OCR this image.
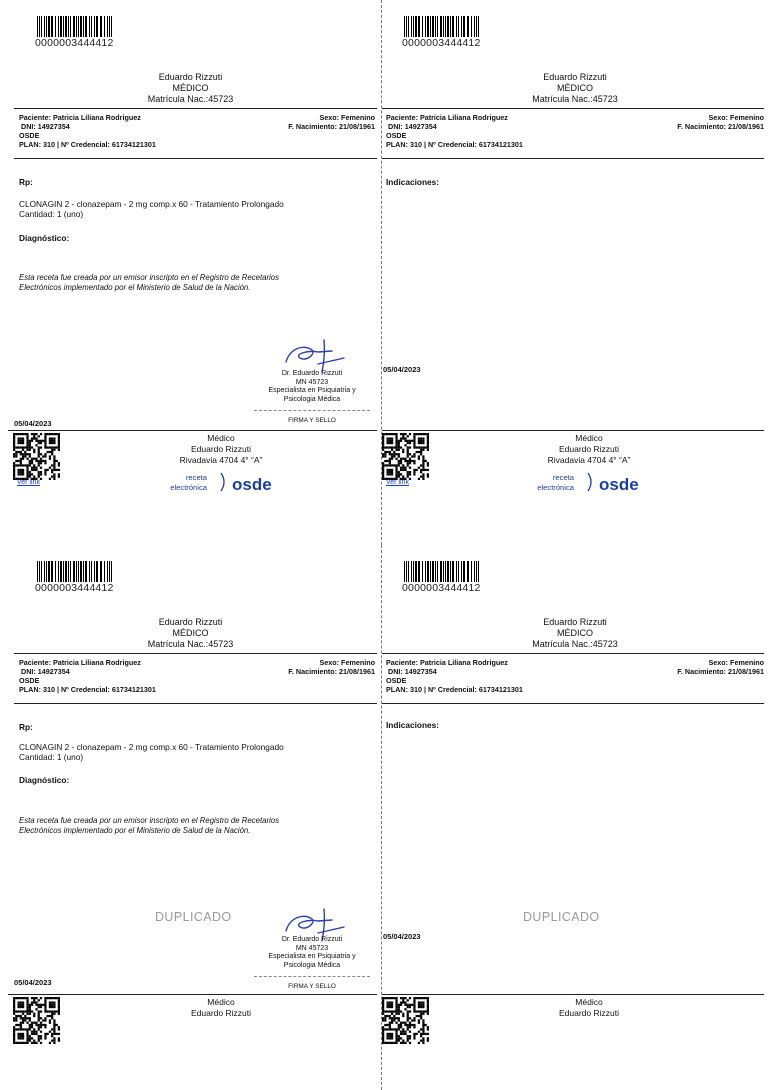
0000003444412
Eduardo Rizzuti
MÉDICO
Matrícula Nac.:45723
Paciente: Patricia Liliana Rodriguez
DNI: 14927354
OSDE
PLAN: 310 | Nº Credencial: 61734121301
Sexo: Femenino
F. Nacimiento: 21/08/1961
Rp:
CLONAGIN 2 - clonazepam - 2 mg comp.x 60 - Tratamiento Prolongado
Cantidad: 1 (uno)
Diagnóstico:
Esta receta fue creada por un emisor inscripto en el Registro de Recetarios
Electrónicos implementado por el Ministerio de Salud de la Nación.
Dr. Eduardo Rizzuti
MN 45723
Especialista en Psiquiatria y
Psicologia Médica
FIRMA Y SELLO
05/04/2023
Ver link
Médico
Eduardo Rizzuti
Rivadavia 4704 4° “A”
receta
electrónica osde
0000003444412
Eduardo Rizzuti
MÉDICO
Matrícula Nac.:45723
Paciente: Patricia Liliana Rodriguez
DNI: 14927354
OSDE
PLAN: 310 | Nº Credencial: 61734121301
Sexo: Femenino
F. Nacimiento: 21/08/1961
Indicaciones:
05/04/2023
Ver link
Médico
Eduardo Rizzuti
Rivadavia 4704 4° “A”
receta
electrónica osde
0000003444412
Eduardo Rizzuti
MÉDICO
Matrícula Nac.:45723
Paciente: Patricia Liliana Rodriguez
DNI: 14927354
OSDE
PLAN: 310 | Nº Credencial: 61734121301
Sexo: Femenino
F. Nacimiento: 21/08/1961
Rp:
CLONAGIN 2 - clonazepam - 2 mg comp.x 60 - Tratamiento Prolongado
Cantidad: 1 (uno)
Diagnóstico:
Esta receta fue creada por un emisor inscripto en el Registro de Recetarios
Electrónicos implementado por el Ministerio de Salud de la Nación.
DUPLICADO
Dr. Eduardo Rizzuti
MN 45723
Especialista en Psiquiatria y
Psicologia Médica
FIRMA Y SELLO
05/04/2023
Médico
Eduardo Rizzuti
0000003444412
Eduardo Rizzuti
MÉDICO
Matrícula Nac.:45723
Paciente: Patricia Liliana Rodriguez
DNI: 14927354
OSDE
PLAN: 310 | Nº Credencial: 61734121301
Sexo: Femenino
F. Nacimiento: 21/08/1961
Indicaciones:
DUPLICADO
05/04/2023
Médico
Eduardo Rizzuti
